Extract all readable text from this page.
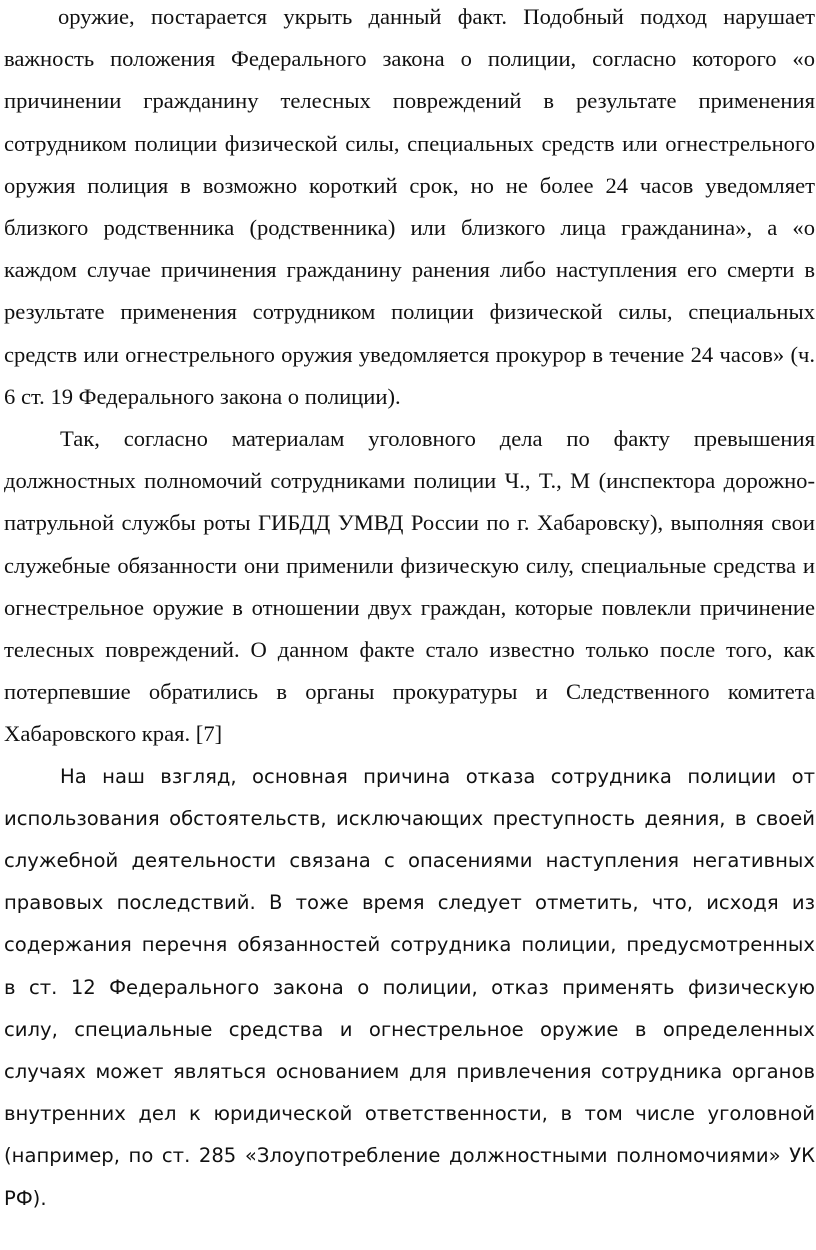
оружие, постарается укрыть данный факт. Подобный подход нарушает важность положения Федерального закона о полиции, согласно которого «о причинении гражданину телесных повреждений в результате применения сотрудником полиции физической силы, специальных средств или огнестрельного оружия полиция в возможно короткий срок, но не более 24 часов уведомляет близкого родственника (родственника) или близкого лица гражданина», а «о каждом случае причинения гражданину ранения либо наступления его смерти в результате применения сотрудником полиции физической силы, специальных средств или огнестрельного оружия уведомляется прокурор в течение 24 часов» (ч. 6 ст. 19 Федерального закона о полиции).

Так, согласно материалам уголовного дела по факту превышения должностных полномочий сотрудниками полиции Ч., Т., М (инспектора дорожно-патрульной службы роты ГИБДД УМВД России по г. Хабаровску), выполняя свои служебные обязанности они применили физическую силу, специальные средства и огнестрельное оружие в отношении двух граждан, которые повлекли причинение телесных повреждений. О данном факте стало известно только после того, как потерпевшие обратились в органы прокуратуры и Следственного комитета Хабаровского края. [7]

На наш взгляд, основная причина отказа сотрудника полиции от использования обстоятельств, исключающих преступность деяния, в своей служебной деятельности связана с опасениями наступления негативных правовых последствий. В тоже время следует отметить, что, исходя из содержания перечня обязанностей сотрудника полиции, предусмотренных в ст. 12 Федерального закона о полиции, отказ применять физическую силу, специальные средства и огнестрельное оружие в определенных случаях может являться основанием для привлечения сотрудника органов внутренних дел к юридической ответственности, в том числе уголовной (например, по ст. 285 «Злоупотребление должностными полномочиями» УК РФ).
